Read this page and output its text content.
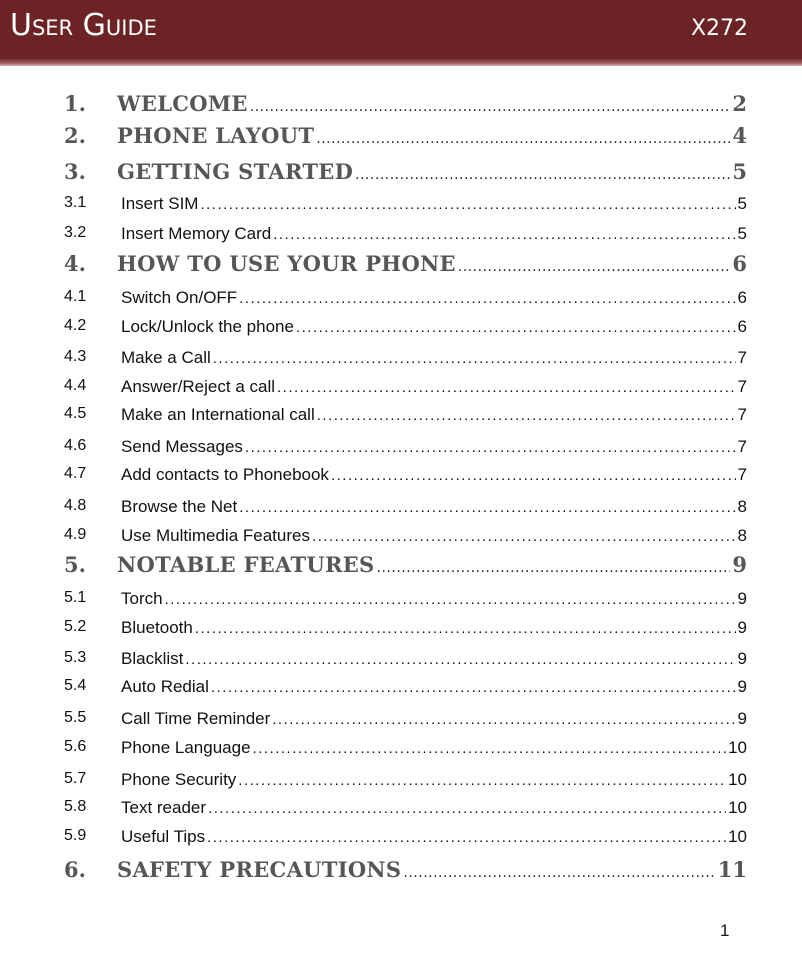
User Guide	X272
1. WELCOME .....	2
2. PHONE LAYOUT .....	4
3. GETTING STARTED .....	5
3.1 Insert SIM .....	5
3.2 Insert Memory Card .....	5
4. HOW TO USE YOUR PHONE .....	6
4.1 Switch On/OFF .....	6
4.2 Lock/Unlock the phone .....	6
4.3 Make a Call .....	7
4.4 Answer/Reject a call .....	7
4.5 Make an International call .....	7
4.6 Send Messages .....	7
4.7 Add contacts to Phonebook .....	7
4.8 Browse the Net .....	8
4.9 Use Multimedia Features .....	8
5. NOTABLE FEATURES .....	9
5.1 Torch .....	9
5.2 Bluetooth .....	9
5.3 Blacklist .....	9
5.4 Auto Redial .....	9
5.5 Call Time Reminder .....	9
5.6 Phone Language .....	10
5.7 Phone Security .....	10
5.8 Text reader .....	10
5.9 Useful Tips .....	10
6. SAFETY PRECAUTIONS .....	11
1
